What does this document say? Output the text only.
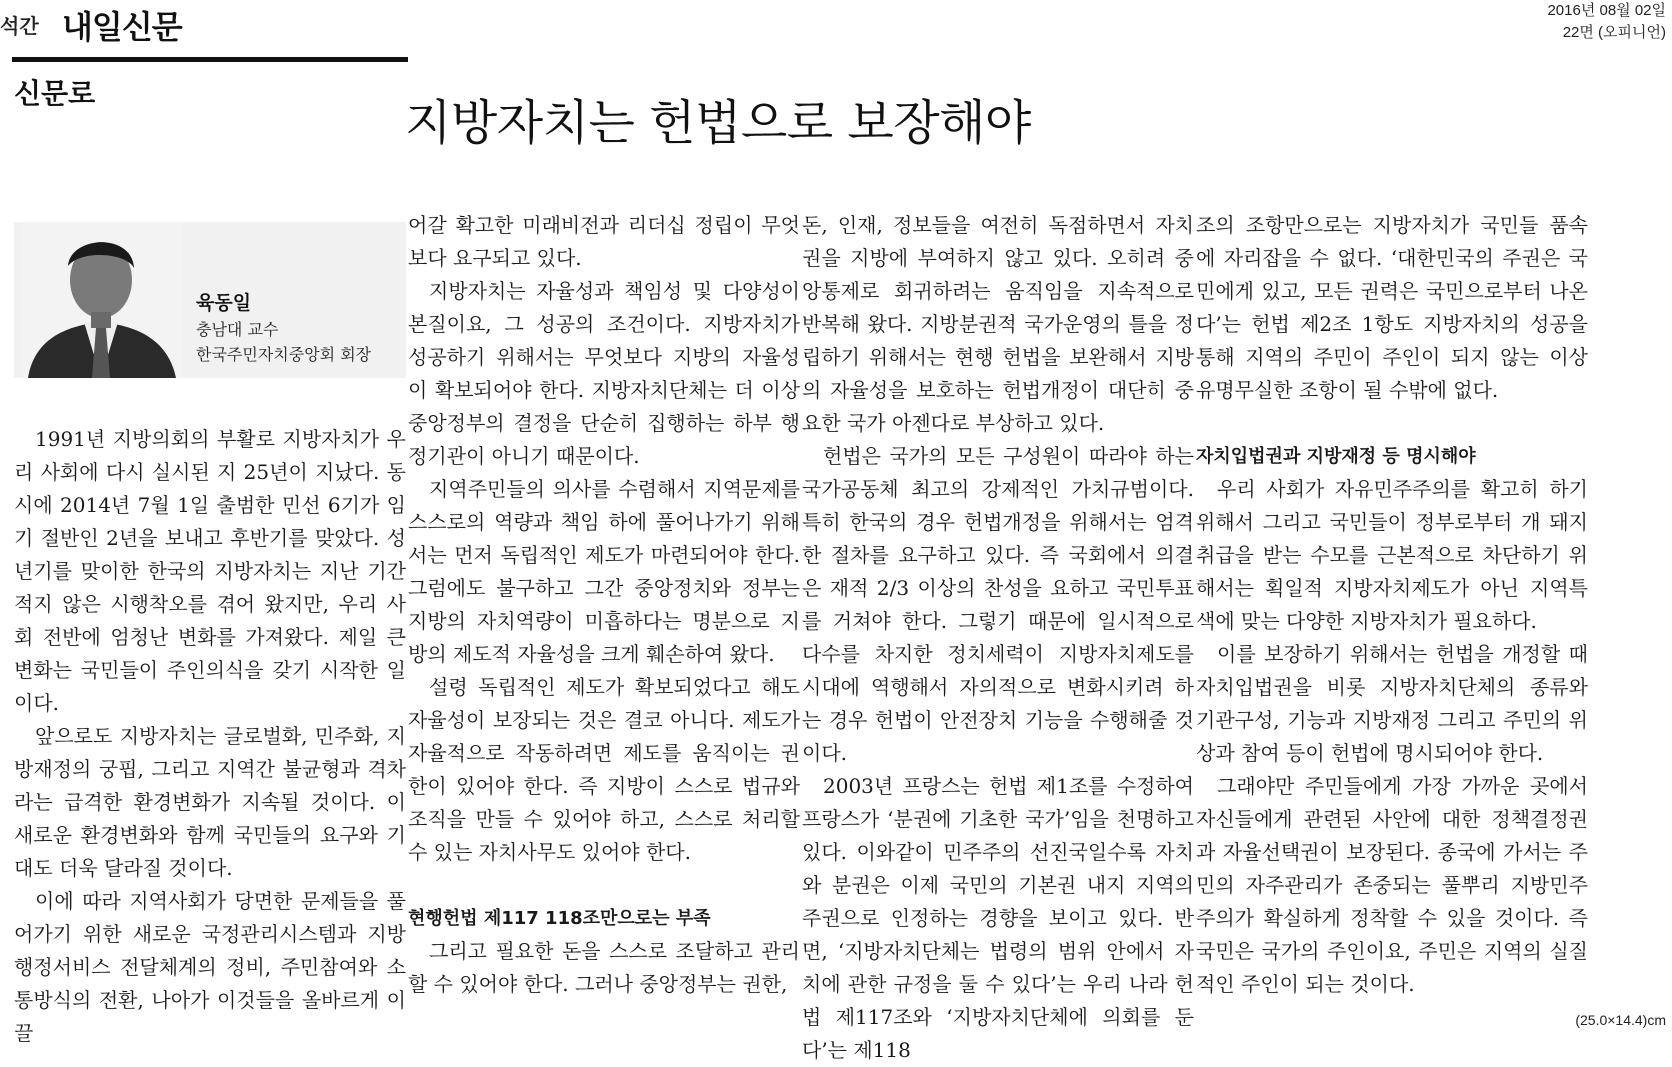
석간 내일신문	2016년 08월 02일
22면 (오피니언)
신문로
지방자치는 헌법으로 보장해야
육동일
충남대 교수
한국주민자치중앙회 회장

1991년 지방의회의 부활로 지방자치가 우리 사회에 다시 실시된 지 25년이 지났다. 동시에 2014년 7월 1일 출범한 민선 6기가 임기 절반인 2년을 보내고 후반기를 맞았다. 성년기를 맞이한 한국의 지방자치는 지난 기간 적지 않은 시행착오를 겪어 왔지만, 우리 사회 전반에 엄청난 변화를 가져왔다. 제일 큰 변화는 국민들이 주인의식을 갖기 시작한 일이다.

앞으로도 지방자치는 글로벌화, 민주화, 지방재정의 궁핍, 그리고 지역간 불균형과 격차라는 급격한 환경변화가 지속될 것이다. 이 새로운 환경변화와 함께 국민들의 요구와 기대도 더욱 달라질 것이다.

이에 따라 지역사회가 당면한 문제들을 풀어가기 위한 새로운 국정관리시스템과 지방행정서비스 전달체계의 정비, 주민참여와 소통방식의 전환, 나아가 이것들을 올바르게 이끌

어갈 확고한 미래비전과 리더십 정립이 무엇보다 요구되고 있다.

지방자치는 자율성과 책임성 및 다양성이 본질이요, 그 성공의 조건이다. 지방자치가 성공하기 위해서는 무엇보다 지방의 자율성이 확보되어야 한다. 지방자치단체는 더 이상 중앙정부의 결정을 단순히 집행하는 하부 행정기관이 아니기 때문이다.

지역주민들의 의사를 수렴해서 지역문제를 스스로의 역량과 책임 하에 풀어나가기 위해서는 먼저 독립적인 제도가 마련되어야 한다. 그럼에도 불구하고 그간 중앙정치와 정부는 지방의 자치역량이 미흡하다는 명분으로 지방의 제도적 자율성을 크게 훼손하여 왔다.

설령 독립적인 제도가 확보되었다고 해도 자율성이 보장되는 것은 결코 아니다. 제도가 자율적으로 작동하려면 제도를 움직이는 권한이 있어야 한다. 즉 지방이 스스로 법규와 조직을 만들 수 있어야 하고, 스스로 처리할 수 있는 자치사무도 있어야 한다.

현행헌법 제117 118조만으로는 부족

그리고 필요한 돈을 스스로 조달하고 관리할 수 있어야 한다. 그러나 중앙정부는 권한,

돈, 인재, 정보들을 여전히 독점하면서 자치권을 지방에 부여하지 않고 있다. 오히려 중앙통제로 회귀하려는 움직임을 지속적으로 반복해 왔다. 지방분권적 국가운영의 틀을 정립하기 위해서는 현행 헌법을 보완해서 지방의 자율성을 보호하는 헌법개정이 대단히 중요한 국가 아젠다로 부상하고 있다.

헌법은 국가의 모든 구성원이 따라야 하는 국가공동체 최고의 강제적인 가치규범이다. 특히 한국의 경우 헌법개정을 위해서는 엄격한 절차를 요구하고 있다. 즉 국회에서 의결은 재적 2/3 이상의 찬성을 요하고 국민투표를 거쳐야 한다. 그렇기 때문에 일시적으로 다수를 차지한 정치세력이 지방자치제도를 시대에 역행해서 자의적으로 변화시키려 하는 경우 헌법이 안전장치 기능을 수행해줄 것이다.

2003년 프랑스는 헌법 제1조를 수정하여 프랑스가 ‘분권에 기초한 국가’임을 천명하고 있다. 이와같이 민주주의 선진국일수록 자치와 분권은 이제 국민의 기본권 내지 지역의 주권으로 인정하는 경향을 보이고 있다. 반면, ‘지방자치단체는 법령의 범위 안에서 자치에 관한 규정을 둘 수 있다’는 우리 나라 헌법 제117조와 ‘지방자치단체에 의회를 둔다’는 제118

조의 조항만으로는 지방자치가 국민들 품속에 자리잡을 수 없다. ‘대한민국의 주권은 국민에게 있고, 모든 권력은 국민으로부터 나온다’는 헌법 제2조 1항도 지방자치의 성공을 통해 지역의 주민이 주인이 되지 않는 이상 유명무실한 조항이 될 수밖에 없다.

자치입법권과 지방재정 등 명시해야

우리 사회가 자유민주주의를 확고히 하기 위해서 그리고 국민들이 정부로부터 개 돼지 취급을 받는 수모를 근본적으로 차단하기 위해서는 획일적 지방자치제도가 아닌 지역특색에 맞는 다양한 지방자치가 필요하다.

이를 보장하기 위해서는 헌법을 개정할 때 자치입법권을 비롯 지방자치단체의 종류와 기관구성, 기능과 지방재정 그리고 주민의 위상과 참여 등이 헌법에 명시되어야 한다.

그래야만 주민들에게 가장 가까운 곳에서 자신들에게 관련된 사안에 대한 정책결정권과 자율선택권이 보장된다. 종국에 가서는 주민의 자주관리가 존중되는 풀뿌리 지방민주주의가 확실하게 정착할 수 있을 것이다. 즉 국민은 국가의 주인이요, 주민은 지역의 실질적인 주인이 되는 것이다.

(25.0×14.4)cm
